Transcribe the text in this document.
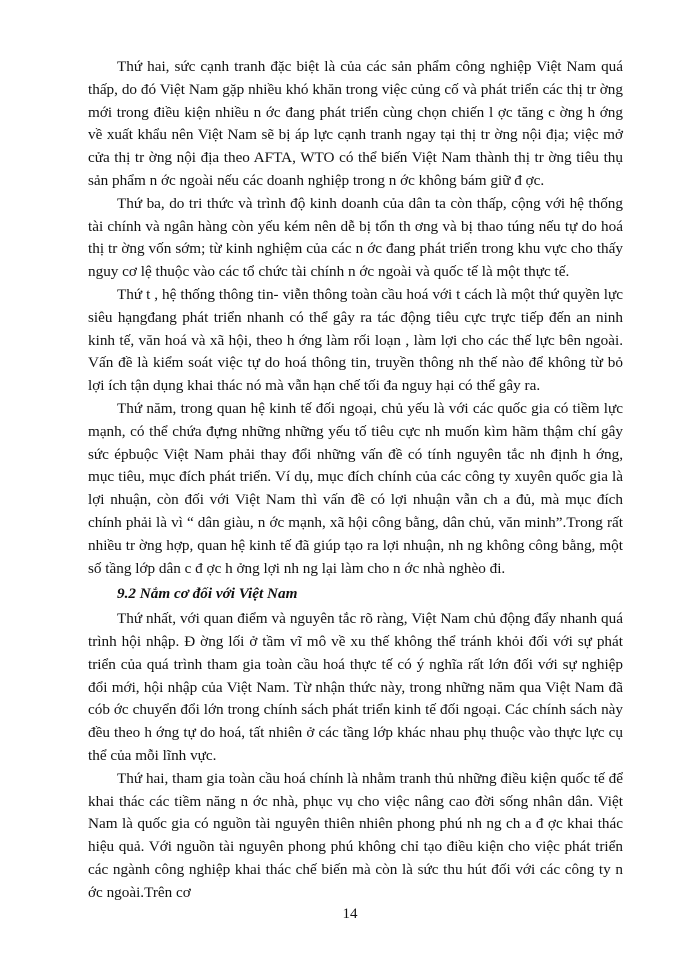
Thứ hai, sức cạnh tranh đặc biệt là của các sản phẩm công nghiệp Việt Nam quá thấp, do đó Việt Nam gặp nhiều khó khăn trong việc củng cố và phát triển các thị tr ờng mới trong điều kiện nhiều n ớc đang phát triển cùng chọn chiến l ợc tăng c ờng h ớng về xuất khẩu nên Việt Nam sẽ bị áp lực cạnh tranh ngay tại thị tr ờng nội địa; việc mở cửa thị tr ờng nội địa theo AFTA, WTO có thể biến Việt Nam thành thị tr ờng tiêu thụ sản phẩm n ớc ngoài nếu các doanh nghiệp trong n ớc không bám giữ đ ợc.

Thứ ba, do tri thức và trình độ kinh doanh của dân ta còn thấp, cộng với hệ thống tài chính và ngân hàng còn yếu kém nên dễ bị tổn th ơng và bị thao túng nếu tự do hoá thị tr ờng vốn sớm; từ kinh nghiệm của các n ớc đang phát triển trong khu vực cho thấy nguy cơ lệ thuộc vào các tổ chức tài chính n ớc ngoài và quốc tế là một thực tế.

Thứ t , hệ thống thông tin- viễn thông toàn cầu hoá với t cách là một thứ quyền lực siêu hạngđang phát triển nhanh có thể gây ra tác động tiêu cực trực tiếp đến an ninh kinh tế, văn hoá và xã hội, theo h ớng làm rối loạn , làm lợi cho các thế lực bên ngoài. Vấn đề là kiểm soát việc tự do hoá thông tin, truyền thông nh thế nào để không từ bỏ lợi ích tận dụng khai thác nó mà vẫn hạn chế tối đa nguy hại có thể gây ra.

Thứ năm, trong quan hệ kinh tế đối ngoại, chủ yếu là với các quốc gia có tiềm lực mạnh, có thể chứa đựng những những yếu tố tiêu cực nh muốn kìm hãm thậm chí gây sức épbuộc Việt Nam phải thay đổi những vấn đề có tính nguyên tắc nh định h ớng, mục tiêu, mục đích phát triển. Ví dụ, mục đích chính của các công ty xuyên quốc gia là lợi nhuận, còn đối với Việt Nam thì vấn đề có lợi nhuận vẫn ch a đủ, mà mục đích chính phải là vì “ dân giàu, n ớc mạnh, xã hội công bằng, dân chủ, văn minh”.Trong rất nhiều tr ờng hợp, quan hệ kinh tế đã giúp tạo ra lợi nhuận, nh ng không công bằng, một số tầng lớp dân c đ ợc h ởng lợi nh ng lại làm cho n ớc nhà nghèo đi.

9.2 Nắm cơ đối với Việt Nam

Thứ nhất, với quan điểm và nguyên tắc rõ ràng, Việt Nam chủ động đẩy nhanh quá trình hội nhập. Đ ờng lối ở tầm vĩ mô về xu thế không thể tránh khỏi đối với sự phát triển của quá trình tham gia toàn cầu hoá thực tế có ý nghĩa rất lớn đối với sự nghiệp đổi mới, hội nhập của Việt Nam. Từ nhận thức này, trong những năm qua Việt Nam đã cób ớc chuyển đổi lớn trong chính sách phát triển kinh tế đối ngoại. Các chính sách này đều theo h ớng tự do hoá, tất nhiên ở các tầng lớp khác nhau phụ thuộc vào thực lực cụ thể của mỗi lĩnh vực.

Thứ hai, tham gia toàn cầu hoá chính là nhằm tranh thủ những điều kiện quốc tế để khai thác các tiềm năng n ớc nhà, phục vụ cho việc nâng cao đời sống nhân dân. Việt Nam là quốc gia có nguồn tài nguyên thiên nhiên phong phú nh ng ch a đ ợc khai thác hiệu quả. Với nguồn tài nguyên phong phú không chỉ tạo điều kiện cho việc phát triển các ngành công nghiệp khai thác chế biến mà còn là sức thu hút đối với các công ty n ớc ngoài.Trên cơ

14
